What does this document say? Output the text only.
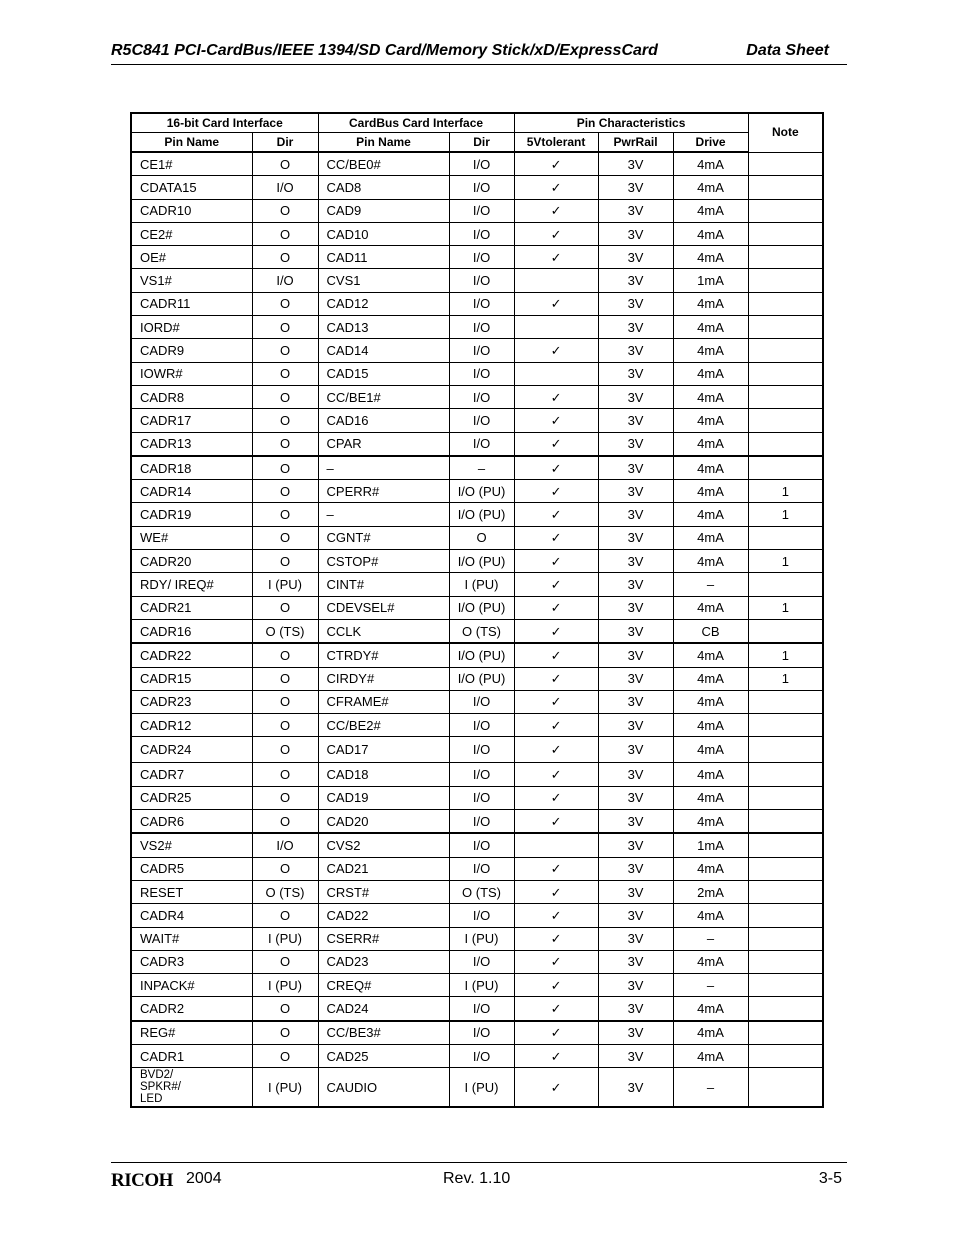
R5C841 PCI-CardBus/IEEE 1394/SD Card/Memory Stick/xD/ExpressCard	Data Sheet
16-bit Card Interface		CardBus Card Interface		Pin Characteristics			Note
Pin Name	Dir	Pin Name	Dir	5Vtolerant	PwrRail	Drive	
CE1#	O	CC/BE0#	I/O	✓	3V	4mA	
CDATA15	I/O	CAD8	I/O	✓	3V	4mA	
CADR10	O	CAD9	I/O	✓	3V	4mA	
CE2#	O	CAD10	I/O	✓	3V	4mA	
OE#	O	CAD11	I/O	✓	3V	4mA	
VS1#	I/O	CVS1	I/O		3V	1mA	
CADR11	O	CAD12	I/O	✓	3V	4mA	
IORD#	O	CAD13	I/O		3V	4mA	
CADR9	O	CAD14	I/O	✓	3V	4mA	
IOWR#	O	CAD15	I/O		3V	4mA	
CADR8	O	CC/BE1#	I/O	✓	3V	4mA	
CADR17	O	CAD16	I/O	✓	3V	4mA	
CADR13	O	CPAR	I/O	✓	3V	4mA	
CADR18	O	–	–	✓	3V	4mA	
CADR14	O	CPERR#	I/O (PU)	✓	3V	4mA	1
CADR19	O	–	I/O (PU)	✓	3V	4mA	1
WE#	O	CGNT#	O	✓	3V	4mA	
CADR20	O	CSTOP#	I/O (PU)	✓	3V	4mA	1
RDY/ IREQ#	I (PU)	CINT#	I (PU)	✓	3V	–	
CADR21	O	CDEVSEL#	I/O (PU)	✓	3V	4mA	1
CADR16	O (TS)	CCLK	O (TS)	✓	3V	CB	
CADR22	O	CTRDY#	I/O (PU)	✓	3V	4mA	1
CADR15	O	CIRDY#	I/O (PU)	✓	3V	4mA	1
CADR23	O	CFRAME#	I/O	✓	3V	4mA	
CADR12	O	CC/BE2#	I/O	✓	3V	4mA	
CADR24	O	CAD17	I/O	✓	3V	4mA	
CADR7	O	CAD18	I/O	✓	3V	4mA	
CADR25	O	CAD19	I/O	✓	3V	4mA	
CADR6	O	CAD20	I/O	✓	3V	4mA	
VS2#	I/O	CVS2	I/O		3V	1mA	
CADR5	O	CAD21	I/O	✓	3V	4mA	
RESET	O (TS)	CRST#	O (TS)	✓	3V	2mA	
CADR4	O	CAD22	I/O	✓	3V	4mA	
WAIT#	I (PU)	CSERR#	I (PU)	✓	3V	–	
CADR3	O	CAD23	I/O	✓	3V	4mA	
INPACK#	I (PU)	CREQ#	I (PU)	✓	3V	–	
CADR2	O	CAD24	I/O	✓	3V	4mA	
REG#	O	CC/BE3#	I/O	✓	3V	4mA	
CADR1	O	CAD25	I/O	✓	3V	4mA	
BVD2/
SPKR#/
LED	I (PU)	CAUDIO	I (PU)	✓	3V	–	
RICOH 2004	Rev. 1.10	3-5
